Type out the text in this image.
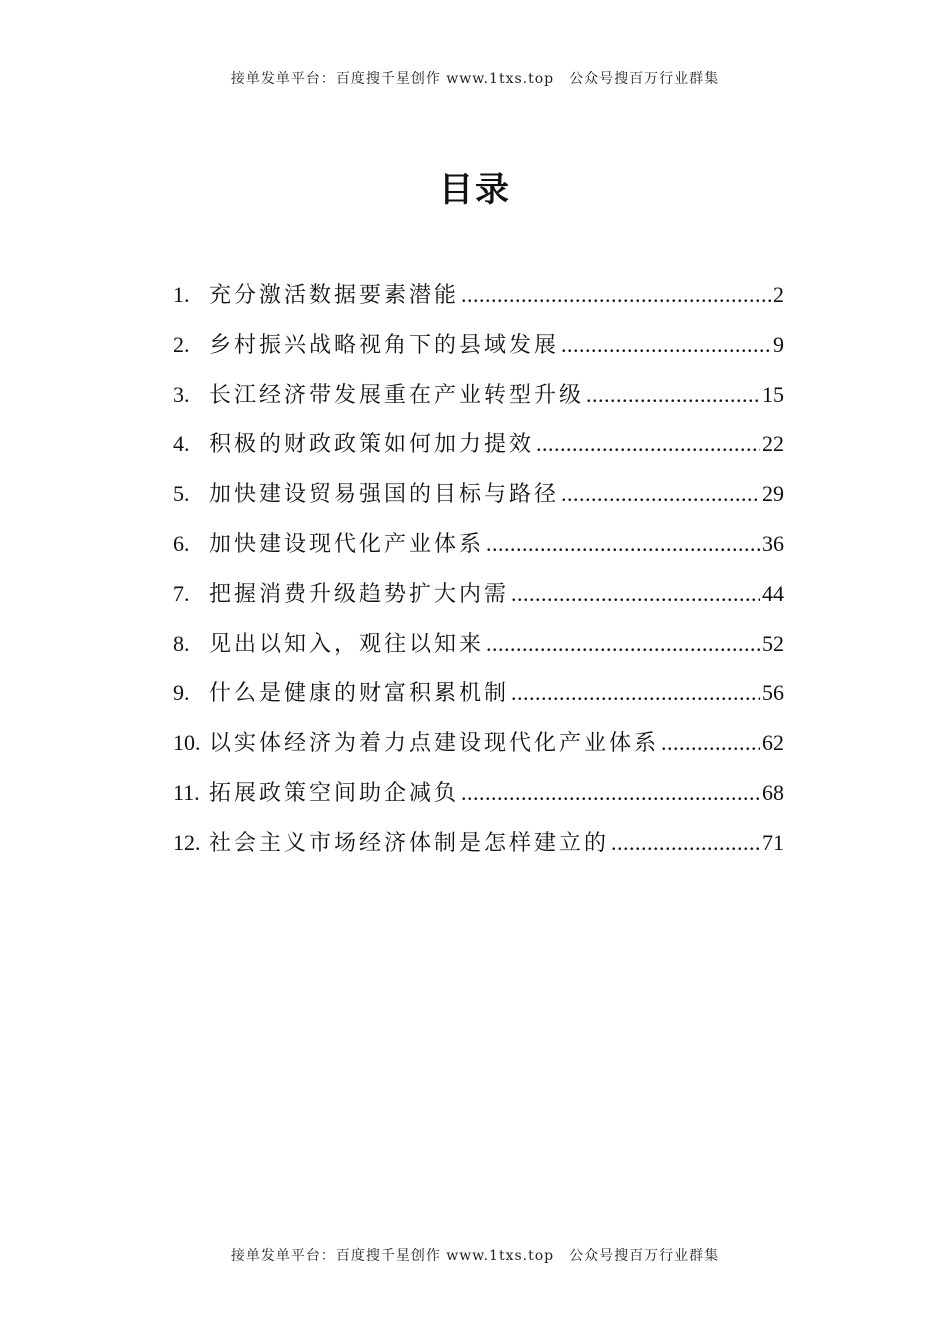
接单发单平台：百度搜千星创作 www.1txs.top　公众号搜百万行业群集
目录
1. 充分激活数据要素潜能 .....	2
2. 乡村振兴战略视角下的县域发展 .....	9
3. 长江经济带发展重在产业转型升级 .....	15
4. 积极的财政政策如何加力提效 .....	22
5. 加快建设贸易强国的目标与路径 .....	29
6. 加快建设现代化产业体系 .....	36
7. 把握消费升级趋势扩大内需 .....	44
8. 见出以知入，观往以知来 .....	52
9. 什么是健康的财富积累机制 .....	56
10. 以实体经济为着力点建设现代化产业体系 .....	62
11. 拓展政策空间助企减负 .....	68
12. 社会主义市场经济体制是怎样建立的 .....	71
接单发单平台：百度搜千星创作 www.1txs.top　公众号搜百万行业群集
